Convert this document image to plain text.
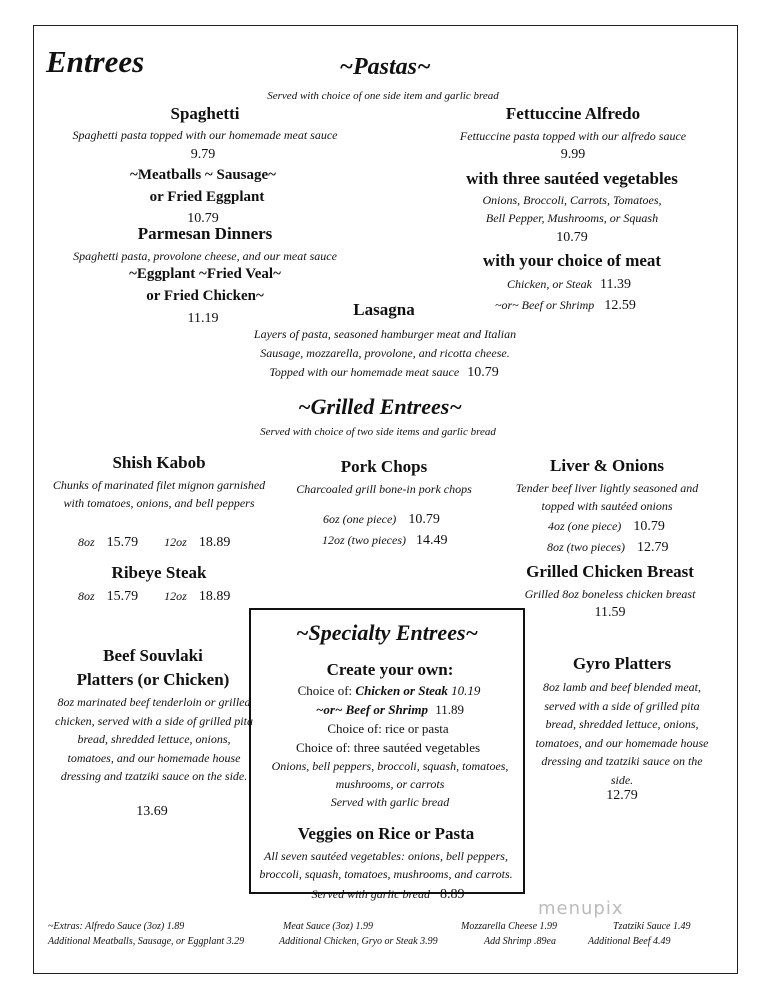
Entrees	~Pastas~
Served with choice of one side item and garlic bread
Spaghetti
Spaghetti pasta topped with our homemade meat sauce
9.79
~Meatballs ~ Sausage~
or Fried Eggplant
10.79
Parmesan Dinners
Spaghetti pasta, provolone cheese, and our meat sauce
~Eggplant ~Fried Veal~
or Fried Chicken~
11.19
Fettuccine Alfredo
Fettuccine pasta topped with our alfredo sauce
9.99
with three sautéed vegetables
Onions, Broccoli, Carrots, Tomatoes,
Bell Pepper, Mushrooms, or Squash
10.79
with your choice of meat
Chicken, or Steak 11.39
~or~ Beef or Shrimp 12.59
Lasagna
Layers of pasta, seasoned hamburger meat and Italian
Sausage, mozzarella, provolone, and ricotta cheese.
Topped with our homemade meat sauce 10.79
~Grilled Entrees~
Served with choice of two side items and garlic bread
Shish Kabob
Chunks of marinated filet mignon garnished with tomatoes, onions, and bell peppers
8oz 15.79 12oz 18.89
Ribeye Steak
8oz 15.79 12oz 18.89
Pork Chops
Charcoaled grill bone-in pork chops
6oz (one piece) 10.79
12oz (two pieces) 14.49
Liver & Onions
Tender beef liver lightly seasoned and
topped with sautéed onions
4oz (one piece) 10.79
8oz (two pieces) 12.79
Grilled Chicken Breast
Grilled 8oz boneless chicken breast
11.59
Beef Souvlaki
Platters (or Chicken)
8oz marinated beef tenderloin or grilled chicken, served with a side of grilled pita bread, shredded lettuce, onions, tomatoes, and our homemade house dressing and tzatziki sauce on the side.
13.69
Gyro Platters
8oz lamb and beef blended meat, served with a side of grilled pita bread, shredded lettuce, onions, tomatoes, and our homemade house dressing and tzatziki sauce on the side.
12.79
~Specialty Entrees~
Create your own:
Choice of: Chicken or Steak 10.19
~or~ Beef or Shrimp 11.89
Choice of: rice or pasta
Choice of: three sautéed vegetables
Onions, bell peppers, broccoli, squash, tomatoes,
mushrooms, or carrots
Served with garlic bread
Veggies on Rice or Pasta
All seven sautéed vegetables: onions, bell peppers,
broccoli, squash, tomatoes, mushrooms, and carrots.
Served with garlic bread 8.89
~Extras: Alfredo Sauce (3oz) 1.89	Meat Sauce (3oz) 1.99	Mozzarella Cheese 1.99	Tzatziki Sauce 1.49
Additional Meatballs, Sausage, or Eggplant 3.29	Additional Chicken, Gryo or Steak 3.99	Add Shrimp .89ea	Additional Beef 4.49
menupix
